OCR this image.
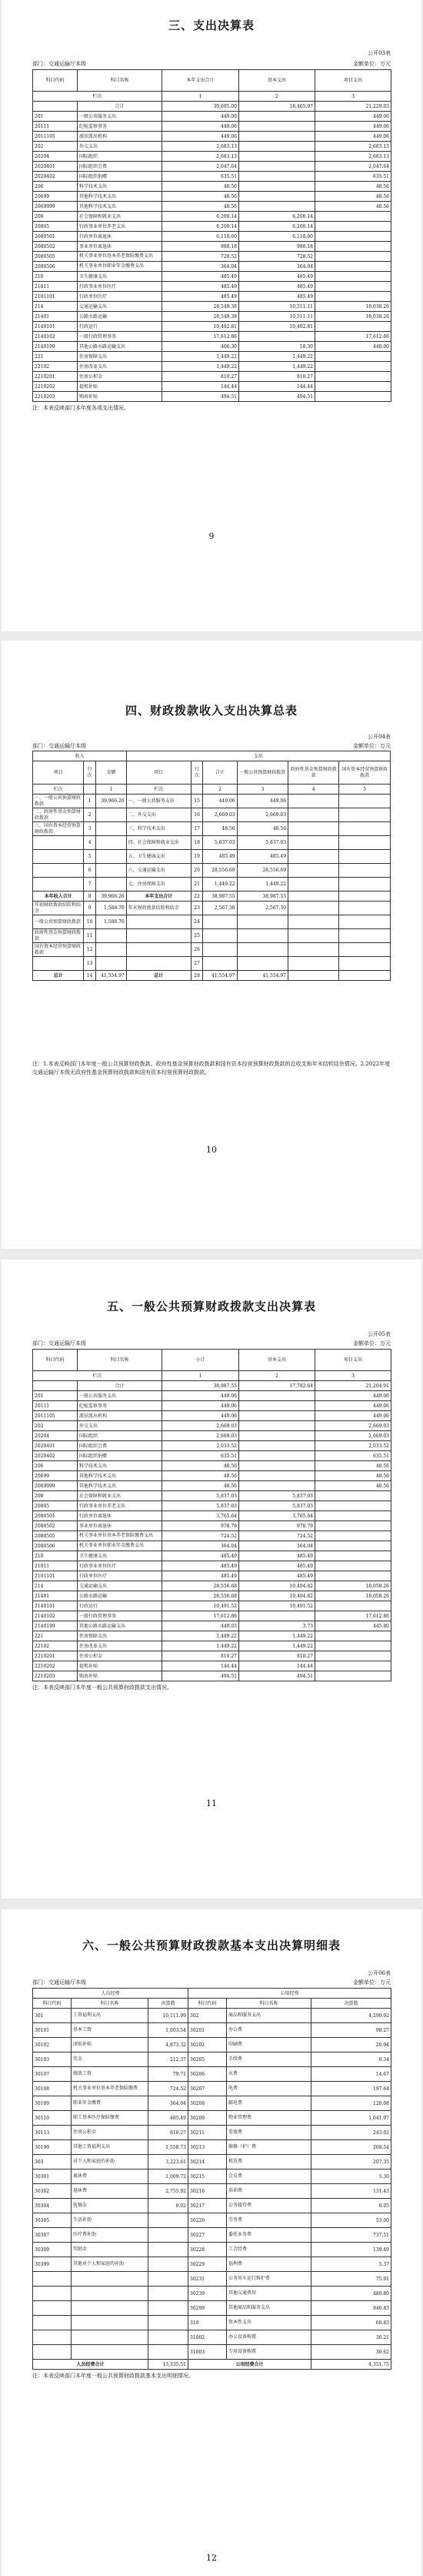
三、支出决算表
公开03表
部门：交通运输厅本级	金额单位：万元
科目代码	科目名称	本年支出合计	基本支出	项目支出
栏次		1	2	3
	合计	39,695.00	18,465.97	21,229.03
201	一般公共服务支出	449.06		449.06
20111	纪检监察事务	449.06		449.06
2011105	派驻派出机构	449.06		449.06
202	外交支出	2,683.13		2,683.13
20204	国际组织	2,683.13		2,683.13
2020401	国际组织会费	2,047.64		2,047.64
2020402	国际组织捐赠	635.51		635.51
206	科学技术支出	48.56		48.56
20699	其他科学技术支出	48.56		48.56
2069999	其他科学技术支出	48.56		48.56
208	社会保障和就业支出	6,200.14	6,200.14	
20805	行政事业单位养老支出	6,200.14	6,200.14	
2080501	行政单位离退休	6,118.60	6,118.60	
2080502	事业单位离退休	980.18	980.18	
2080505	机关事业单位基本养老保险缴费支出	728.52	728.52	
2080506	机关事业单位职业年金缴费支出	364.04	364.04	
210	卫生健康支出	485.49	485.49	
21011	行政事业单位医疗	485.49	485.49	
2101101	行政单位医疗	485.49	485.49	
214	交通运输支出	28,549.38	10,511.11	18,038.26
21401	公路水路运输	28,549.38	10,511.11	18,038.26
2140101	行政运行	10,492.81	10,492.81	
2140102	一般行政管理事务	17,612.86		17,612.86
2140199	其他公路水路运输支出	466.30	18.30	448.00
221	住房保障支出	1,449.22	1,449.22	
22102	住房改革支出	1,449.22	1,449.22	
2210201	住房公积金	810.27	810.27	
2210202	提租补贴	144.44	144.44	
2210203	购房补贴	494.51	494.51	
注：本表反映部门本年度各项支出情况。
9
四、财政拨款收入支出决算总表
公开04表
部门：交通运输厅本级	金额单位：万元
收入			支出					
项目	行次	金额	项目	行次	合计	一般公共预算财政拨款	政府性基金预算财政拨款	国有资本经营预算财政拨款
栏次		1	栏次		2	3	4	5
一、一般公共预算财政拨款	1	39,966.26	一、一般公共服务支出	15	449.06	449.06		
二、政府性基金预算财政拨款	2		二、外交支出	16	2,669.03	2,669.03		
三、国有资本经营预算财政拨款	3		三、科学技术支出	17	48.56	48.56		
	4		四、社会保障和就业支出	18	5,837.03	5,837.03		
	5		五、卫生健康支出	19	485.49	485.49		
	6		六、交通运输支出	20	28,556.69	28,556.69		
	7		七、住房保障支出	21	1,449.22	1,449.22		
本年收入合计	8	39,966.26	本年支出合计	22	38,987.55	38,987.55		
年初财政拨款结转和结余	9	1,588.70	年末财政拨款结转和结余	23	2,567.30	2,567.30		
一般公共预算财政拨款	10	1,588.70		24				
政府性基金预算财政拨款	11			25				
国有资本经营预算财政拨款	12			26				
	13			27				
总计	14	41,554.97	总计	28	41,554.97	41,554.97		
注：1.本表反映部门本年度一般公共预算财政拨款、政府性基金预算财政拨款和国有资本经营预算财政拨款的总收支和年末结转结余情况。2.2022年度交通运输厅本级无政府性基金预算财政拨款和国有资本经营预算财政拨款。
10
五、一般公共预算财政拨款支出决算表
公开05表
部门：交通运输厅本级	金额单位：万元
科目代码	科目名称	小计	基本支出	项目支出
栏次		1	2	3
	合计	38,987.55	17,782.64	21,204.91
201	一般公共服务支出	449.06		449.06
20111	纪检监察事务	449.06		449.06
2011105	派驻派出机构	449.06		449.06
202	外交支出	2,669.03		2,669.03
20204	国际组织	2,669.03		2,669.03
2020401	国际组织会费	2,033.52		2,033.52
2020402	国际组织捐赠	635.51		635.51
206	科学技术支出	48.56		48.56
20699	其他科学技术支出	48.56		48.56
2069999	其他科学技术支出	48.56		48.56
208	社会保障和就业支出	5,837.03	5,837.03	
20805	行政事业单位养老支出	5,837.03	5,837.03	
2080501	行政单位离退休	3,765.64	3,765.64	
2080502	事业单位离退休	978.79	978.79	
2080505	机关事业单位基本养老保险缴费支出	724.52	724.52	
2080506	机关事业单位职业年金缴费支出	364.04	364.04	
210	卫生健康支出	485.49	485.49	
21011	行政事业单位医疗	485.49	485.49	
2101101	行政单位医疗	485.49	485.49	
214	交通运输支出	28,556.68	10,494.82	18,058.26
21401	公路水路运输	28,556.68	10,494.82	18,058.26
2140101	行政运行	10,491.52	10,491.52	
2140102	一般行政管理事务	17,612.86		17,612.86
2140199	其他公路水路运输支出	449.03	3.73	445.80
221	住房保障支出	1,449.22	1,449.22	
22102	住房改革支出	1,449.22	1,449.22	
2210201	住房公积金	810.27	810.27	
2210202	提租补贴	144.44	144.44	
2210203	购房补贴	494.51	494.51	
注：本表反映部门本年度一般公共预算财政拨款支出情况。
11
六、一般公共预算财政拨款基本支出决算明细表
公开06表
部门：交通运输厅本级	金额单位：万元
人员经费			公用经费		
科目代码	科目名称	决算数	科目代码	科目名称	决算数
301	工资福利支出	10,111.99	302	商品和服务支出	4,290.92
30101	基本工资	1,003.54	30201	办公费	98.27
30102	津贴补贴	4,873.32	30202	印刷费	20.94
30103	奖金	212.37	30205	手续费	0.34
30107	绩效工资	79.71	30206	水费	14.67
30108	机关事业单位基本养老保险缴费	724.52	30207	电费	197.64
30109	职业年金缴费	364.04	30208	邮电费	120.08
30110	职工基本医疗保险缴费	485.49	30209	物业管理费	1,041.97
30113	住房公积金	810.27	30211	差旅费	243.02
30199	其他工资福利支出	1,558.73	30213	维修（护）费	208.54
303	对个人和家庭的补助	3,223.61	30214	租赁费	207.35
30301	离休费	1,009.72	30215	会议费	5.30
30302	退休费	2,755.92	30216	培训费	131.43
30304	抚恤金	0.02	30217	公务接待费	0.05
30305	生活补助		30226	劳务费	53.00
30307	医疗费补助		30227	委托业务费	737.51
30309	奖励金		30228	工会经费	139.49
30399	其他对个人和家庭的补助		30229	福利费	5.37
			30231	公务用车运行维护费	75.91
			30239	其他交通费用	480.80
			30299	其他商品和服务支出	940.83
			310	资本性支出	60.83
			31002	办公设备购置	30.21
			31003	专用设备购置	30.62
人员经费合计		13,335.51	公用经费合计		4,351.75
注：本表反映部门本年度一般公共预算财政拨款基本支出明细情况。
12
